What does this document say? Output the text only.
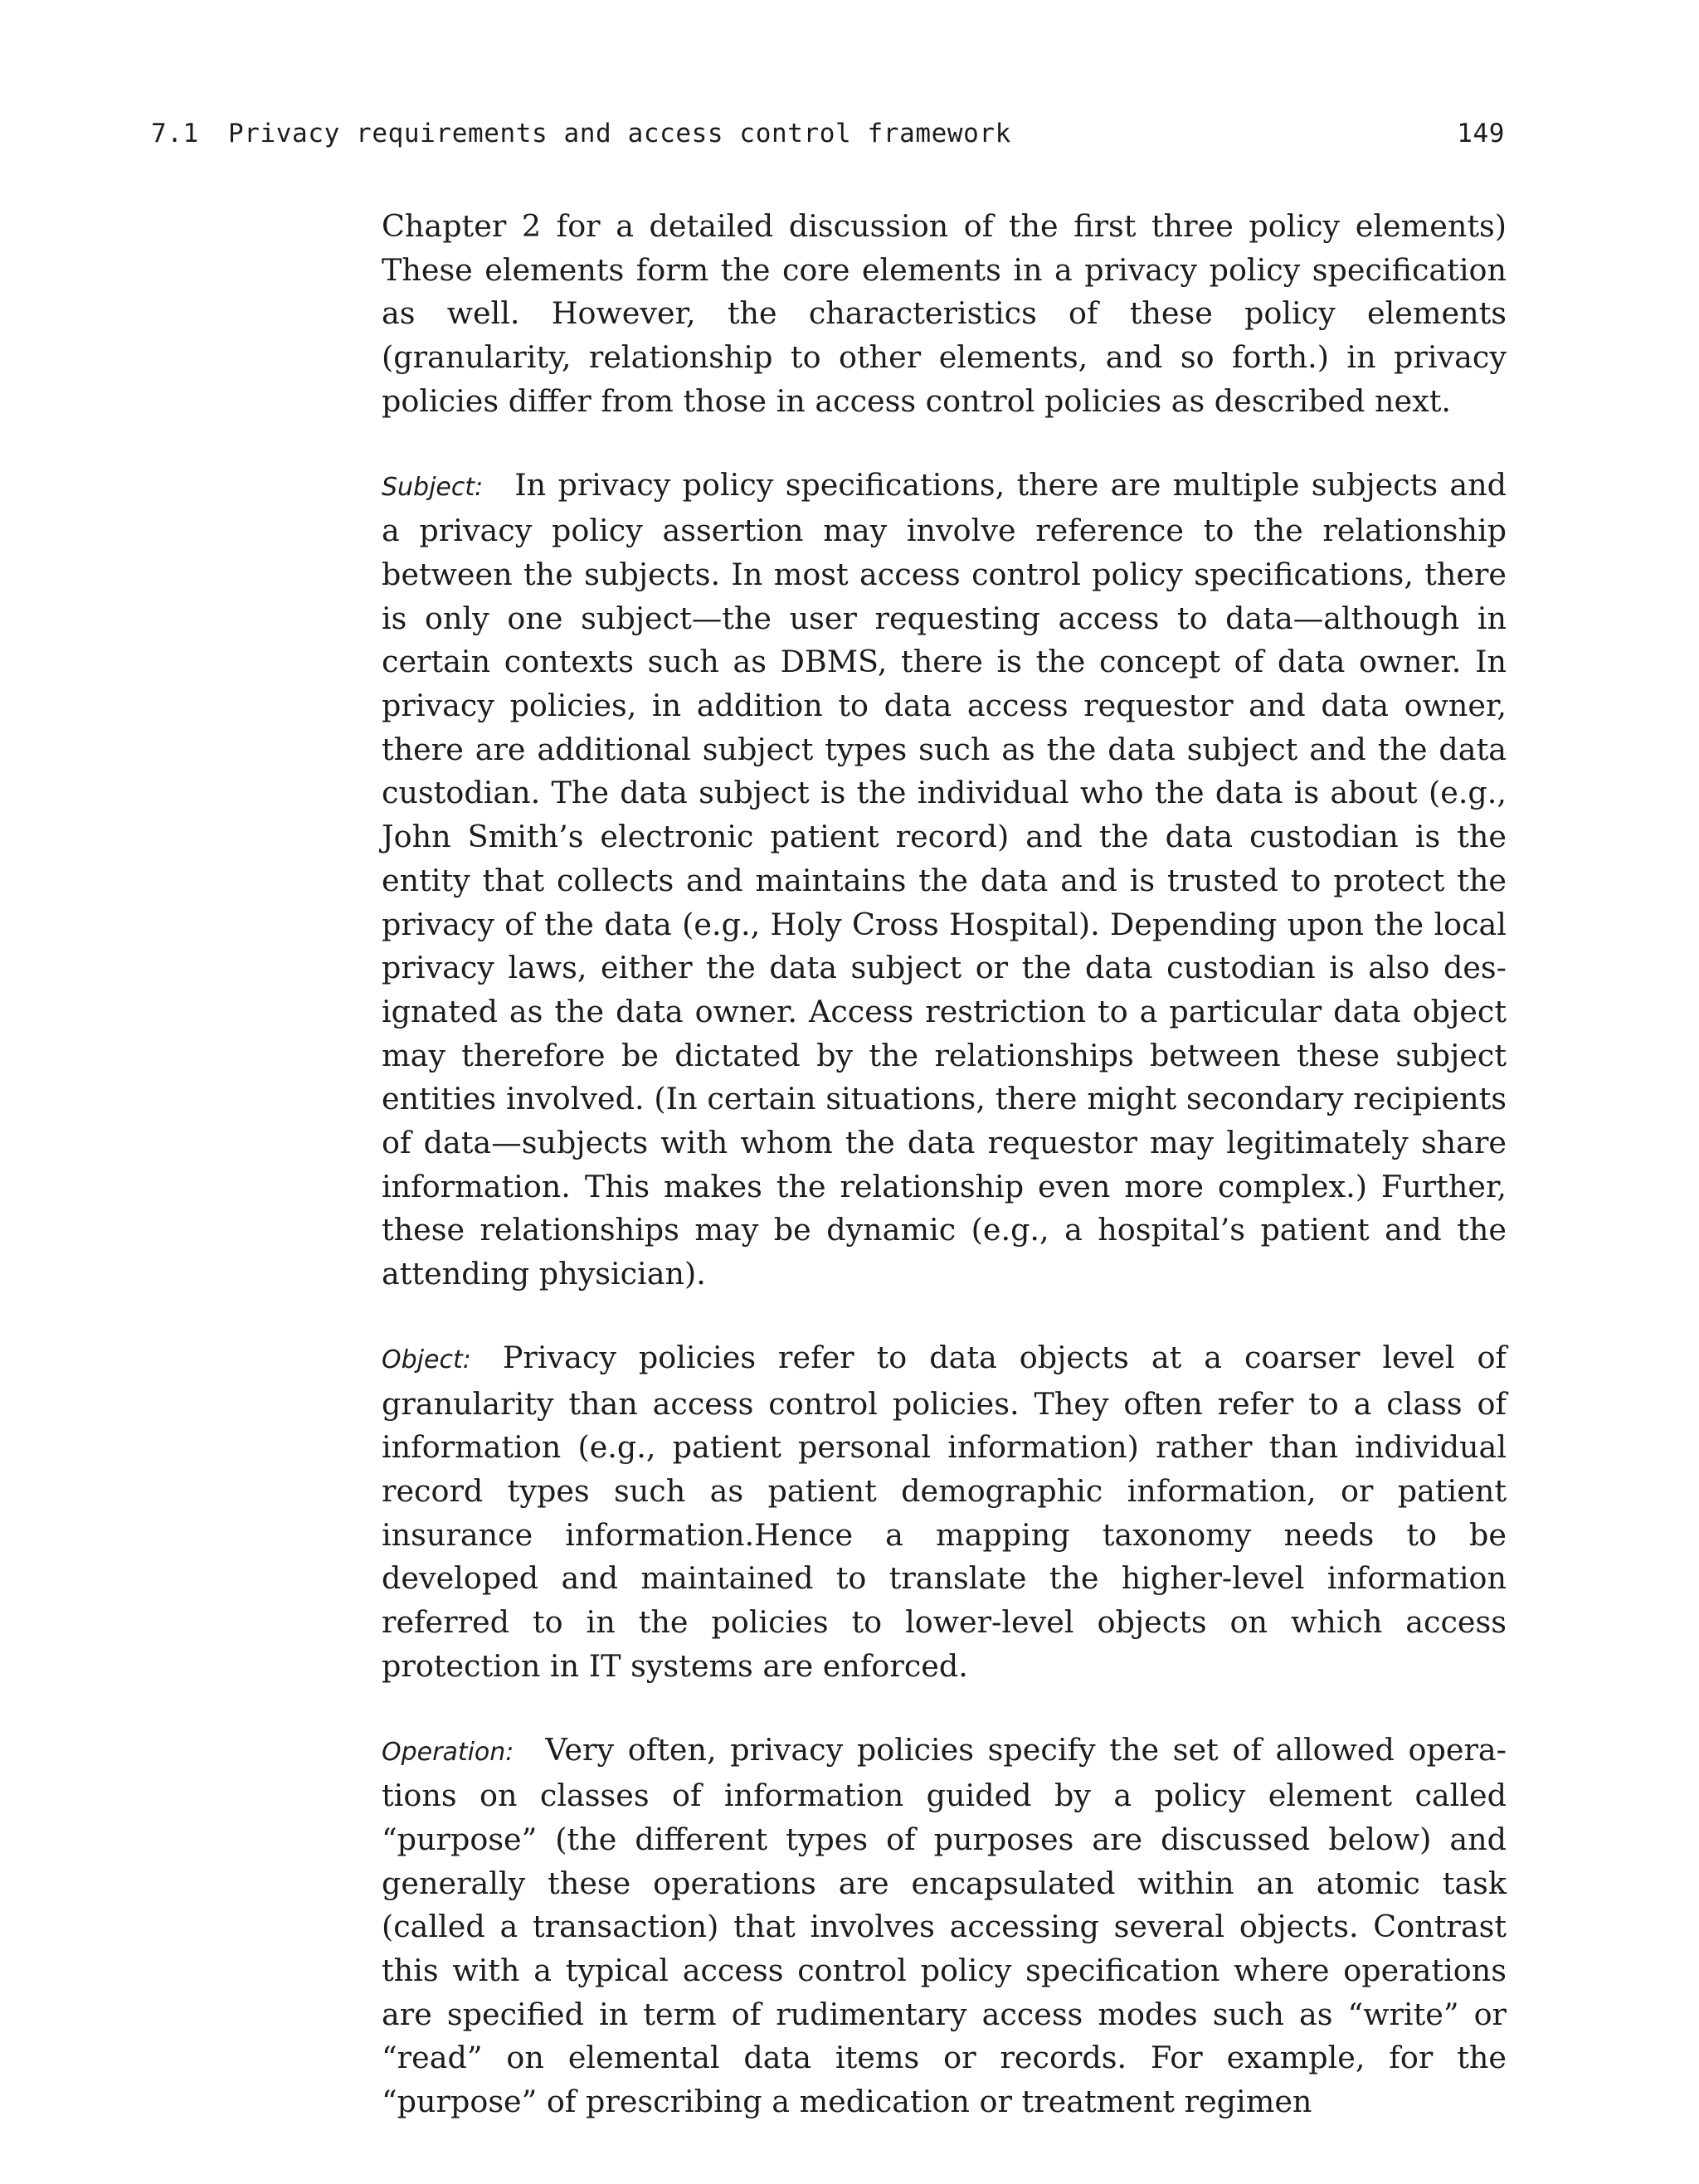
7.1 Privacy requirements and access control framework	149

Chapter 2 for a detailed discussion of the first three policy elements) These elements form the core elements in a privacy policy specification as well. However, the characteristics of these policy elements (granularity, relationship to other elements, and so forth.) in privacy policies differ from those in access control policies as described next.

Subject: In privacy policy specifications, there are multiple subjects and a privacy policy assertion may involve reference to the relationship between the subjects. In most access control policy specifications, there is only one subject—the user requesting access to data—although in certain contexts such as DBMS, there is the concept of data owner. In privacy policies, in addition to data access requestor and data owner, there are additional subject types such as the data subject and the data custodian. The data subject is the individual who the data is about (e.g., John Smith’s electronic patient record) and the data custodian is the entity that collects and maintains the data and is trusted to protect the privacy of the data (e.g., Holy Cross Hospital). Depending upon the local privacy laws, either the data subject or the data custodian is also designated as the data owner. Access restriction to a particular data object may therefore be dictated by the relationships between these subject entities involved. (In certain situations, there might secondary recipients of data—subjects with whom the data requestor may legitimately share information. This makes the relationship even more complex.) Further, these relationships may be dynamic (e.g., a hospital’s patient and the attending physician).

Object: Privacy policies refer to data objects at a coarser level of granularity than access control policies. They often refer to a class of information (e.g., patient personal information) rather than individual record types such as patient demographic information, or patient insurance information.Hence a mapping taxonomy needs to be developed and maintained to translate the higher-level information referred to in the policies to lower-level objects on which access protection in IT systems are enforced.

Operation: Very often, privacy policies specify the set of allowed operations on classes of information guided by a policy element called “purpose” (the different types of purposes are discussed below) and generally these operations are encapsulated within an atomic task (called a transaction) that involves accessing several objects. Contrast this with a typical access control policy specification where operations are specified in term of rudimentary access modes such as “write” or “read” on elemental data items or records. For example, for the “purpose” of prescribing a medication or treatment regimen
